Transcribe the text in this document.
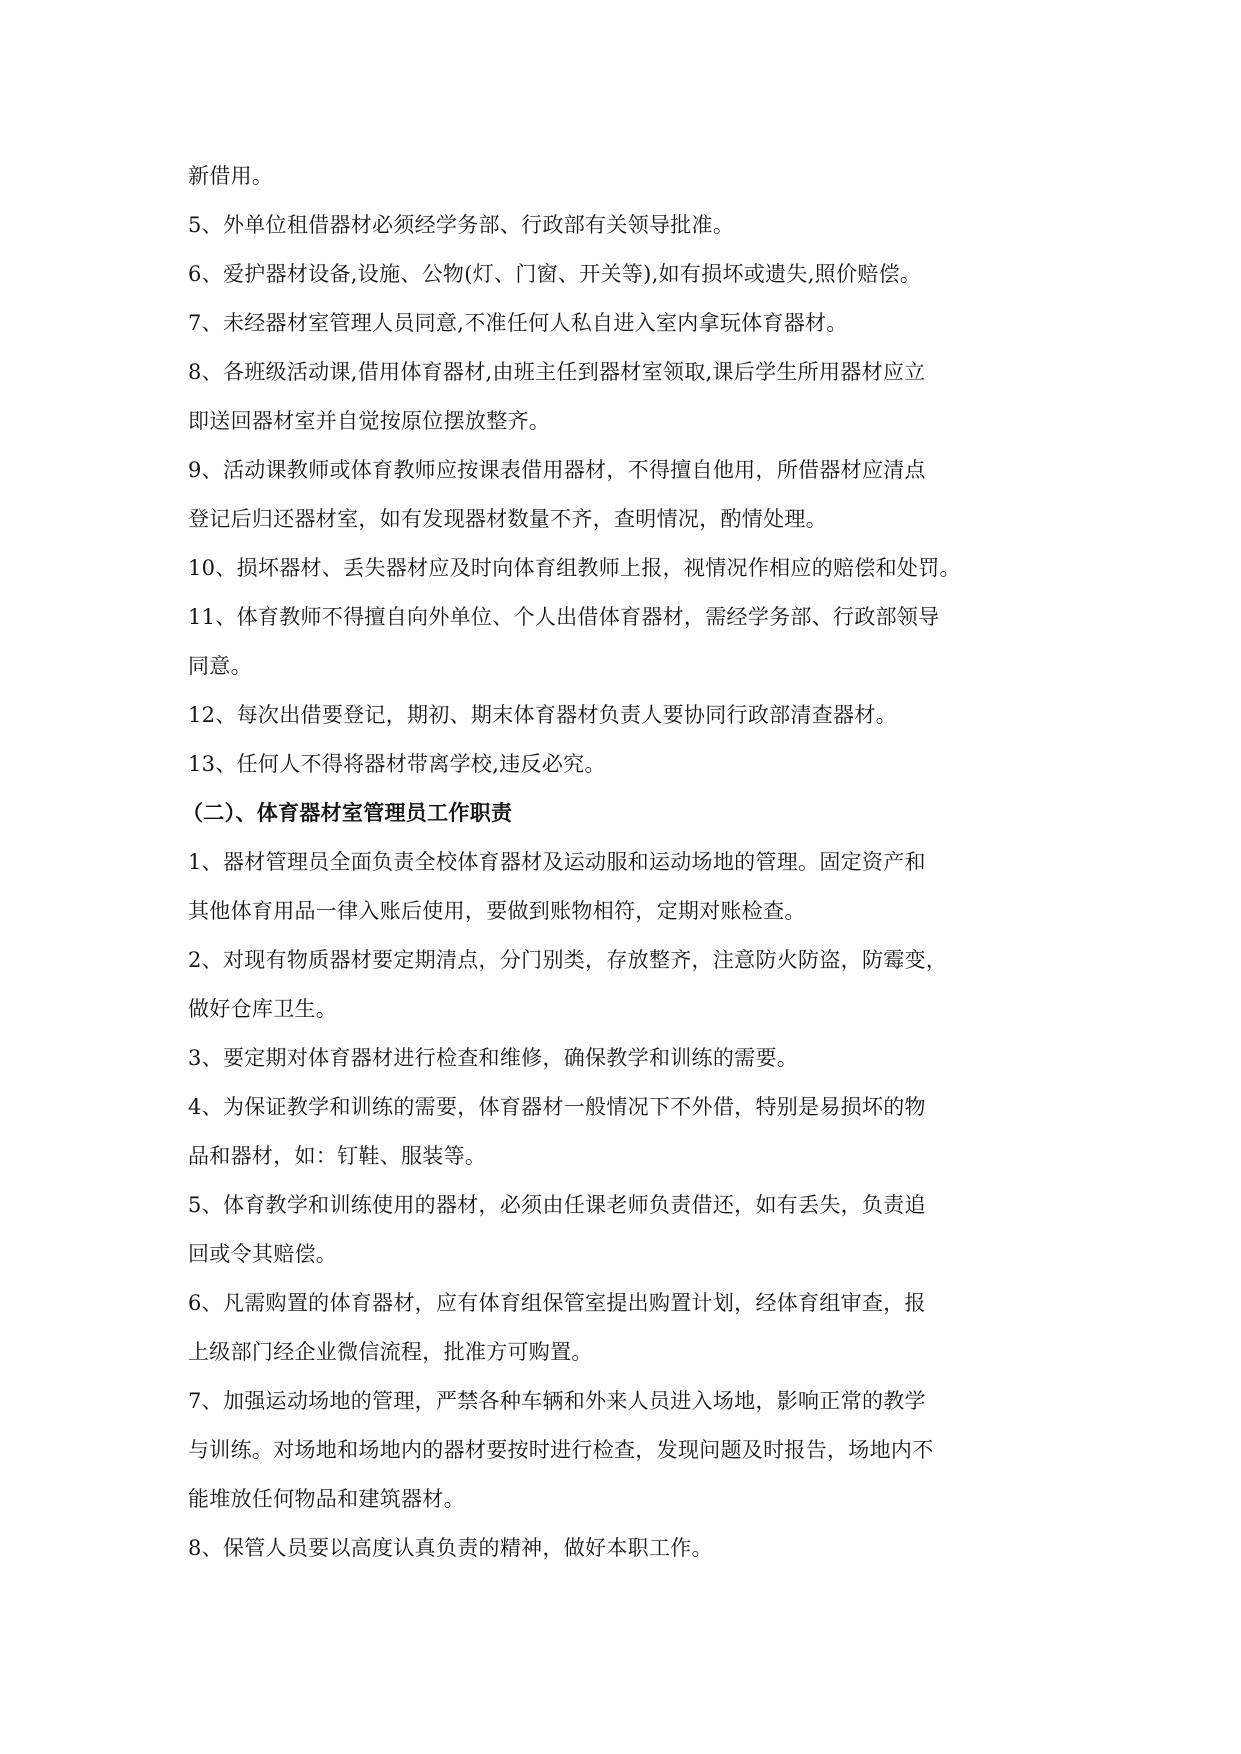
新借用。
5、外单位租借器材必须经学务部、行政部有关领导批准。
6、爱护器材设备,设施、公物(灯、门窗、开关等),如有损坏或遗失,照价赔偿。
7、未经器材室管理人员同意,不准任何人私自进入室内拿玩体育器材。
8、各班级活动课,借用体育器材,由班主任到器材室领取,课后学生所用器材应立
即送回器材室并自觉按原位摆放整齐。
9、活动课教师或体育教师应按课表借用器材，不得擅自他用，所借器材应清点
登记后归还器材室，如有发现器材数量不齐，查明情况，酌情处理。
10、损坏器材、丢失器材应及时向体育组教师上报，视情况作相应的赔偿和处罚。
11、体育教师不得擅自向外单位、个人出借体育器材，需经学务部、行政部领导
同意。
12、每次出借要登记，期初、期末体育器材负责人要协同行政部清查器材。
13、任何人不得将器材带离学校,违反必究。
（二）、体育器材室管理员工作职责
1、器材管理员全面负责全校体育器材及运动服和运动场地的管理。固定资产和
其他体育用品一律入账后使用，要做到账物相符，定期对账检查。
2、对现有物质器材要定期清点，分门别类，存放整齐，注意防火防盗，防霉变，
做好仓库卫生。
3、要定期对体育器材进行检查和维修，确保教学和训练的需要。
4、为保证教学和训练的需要，体育器材一般情况下不外借，特别是易损坏的物
品和器材，如：钉鞋、服装等。
5、体育教学和训练使用的器材，必须由任课老师负责借还，如有丢失，负责追
回或令其赔偿。
6、凡需购置的体育器材，应有体育组保管室提出购置计划，经体育组审查，报
上级部门经企业微信流程，批准方可购置。
7、加强运动场地的管理，严禁各种车辆和外来人员进入场地，影响正常的教学
与训练。对场地和场地内的器材要按时进行检查，发现问题及时报告，场地内不
能堆放任何物品和建筑器材。
8、保管人员要以高度认真负责的精神，做好本职工作。
